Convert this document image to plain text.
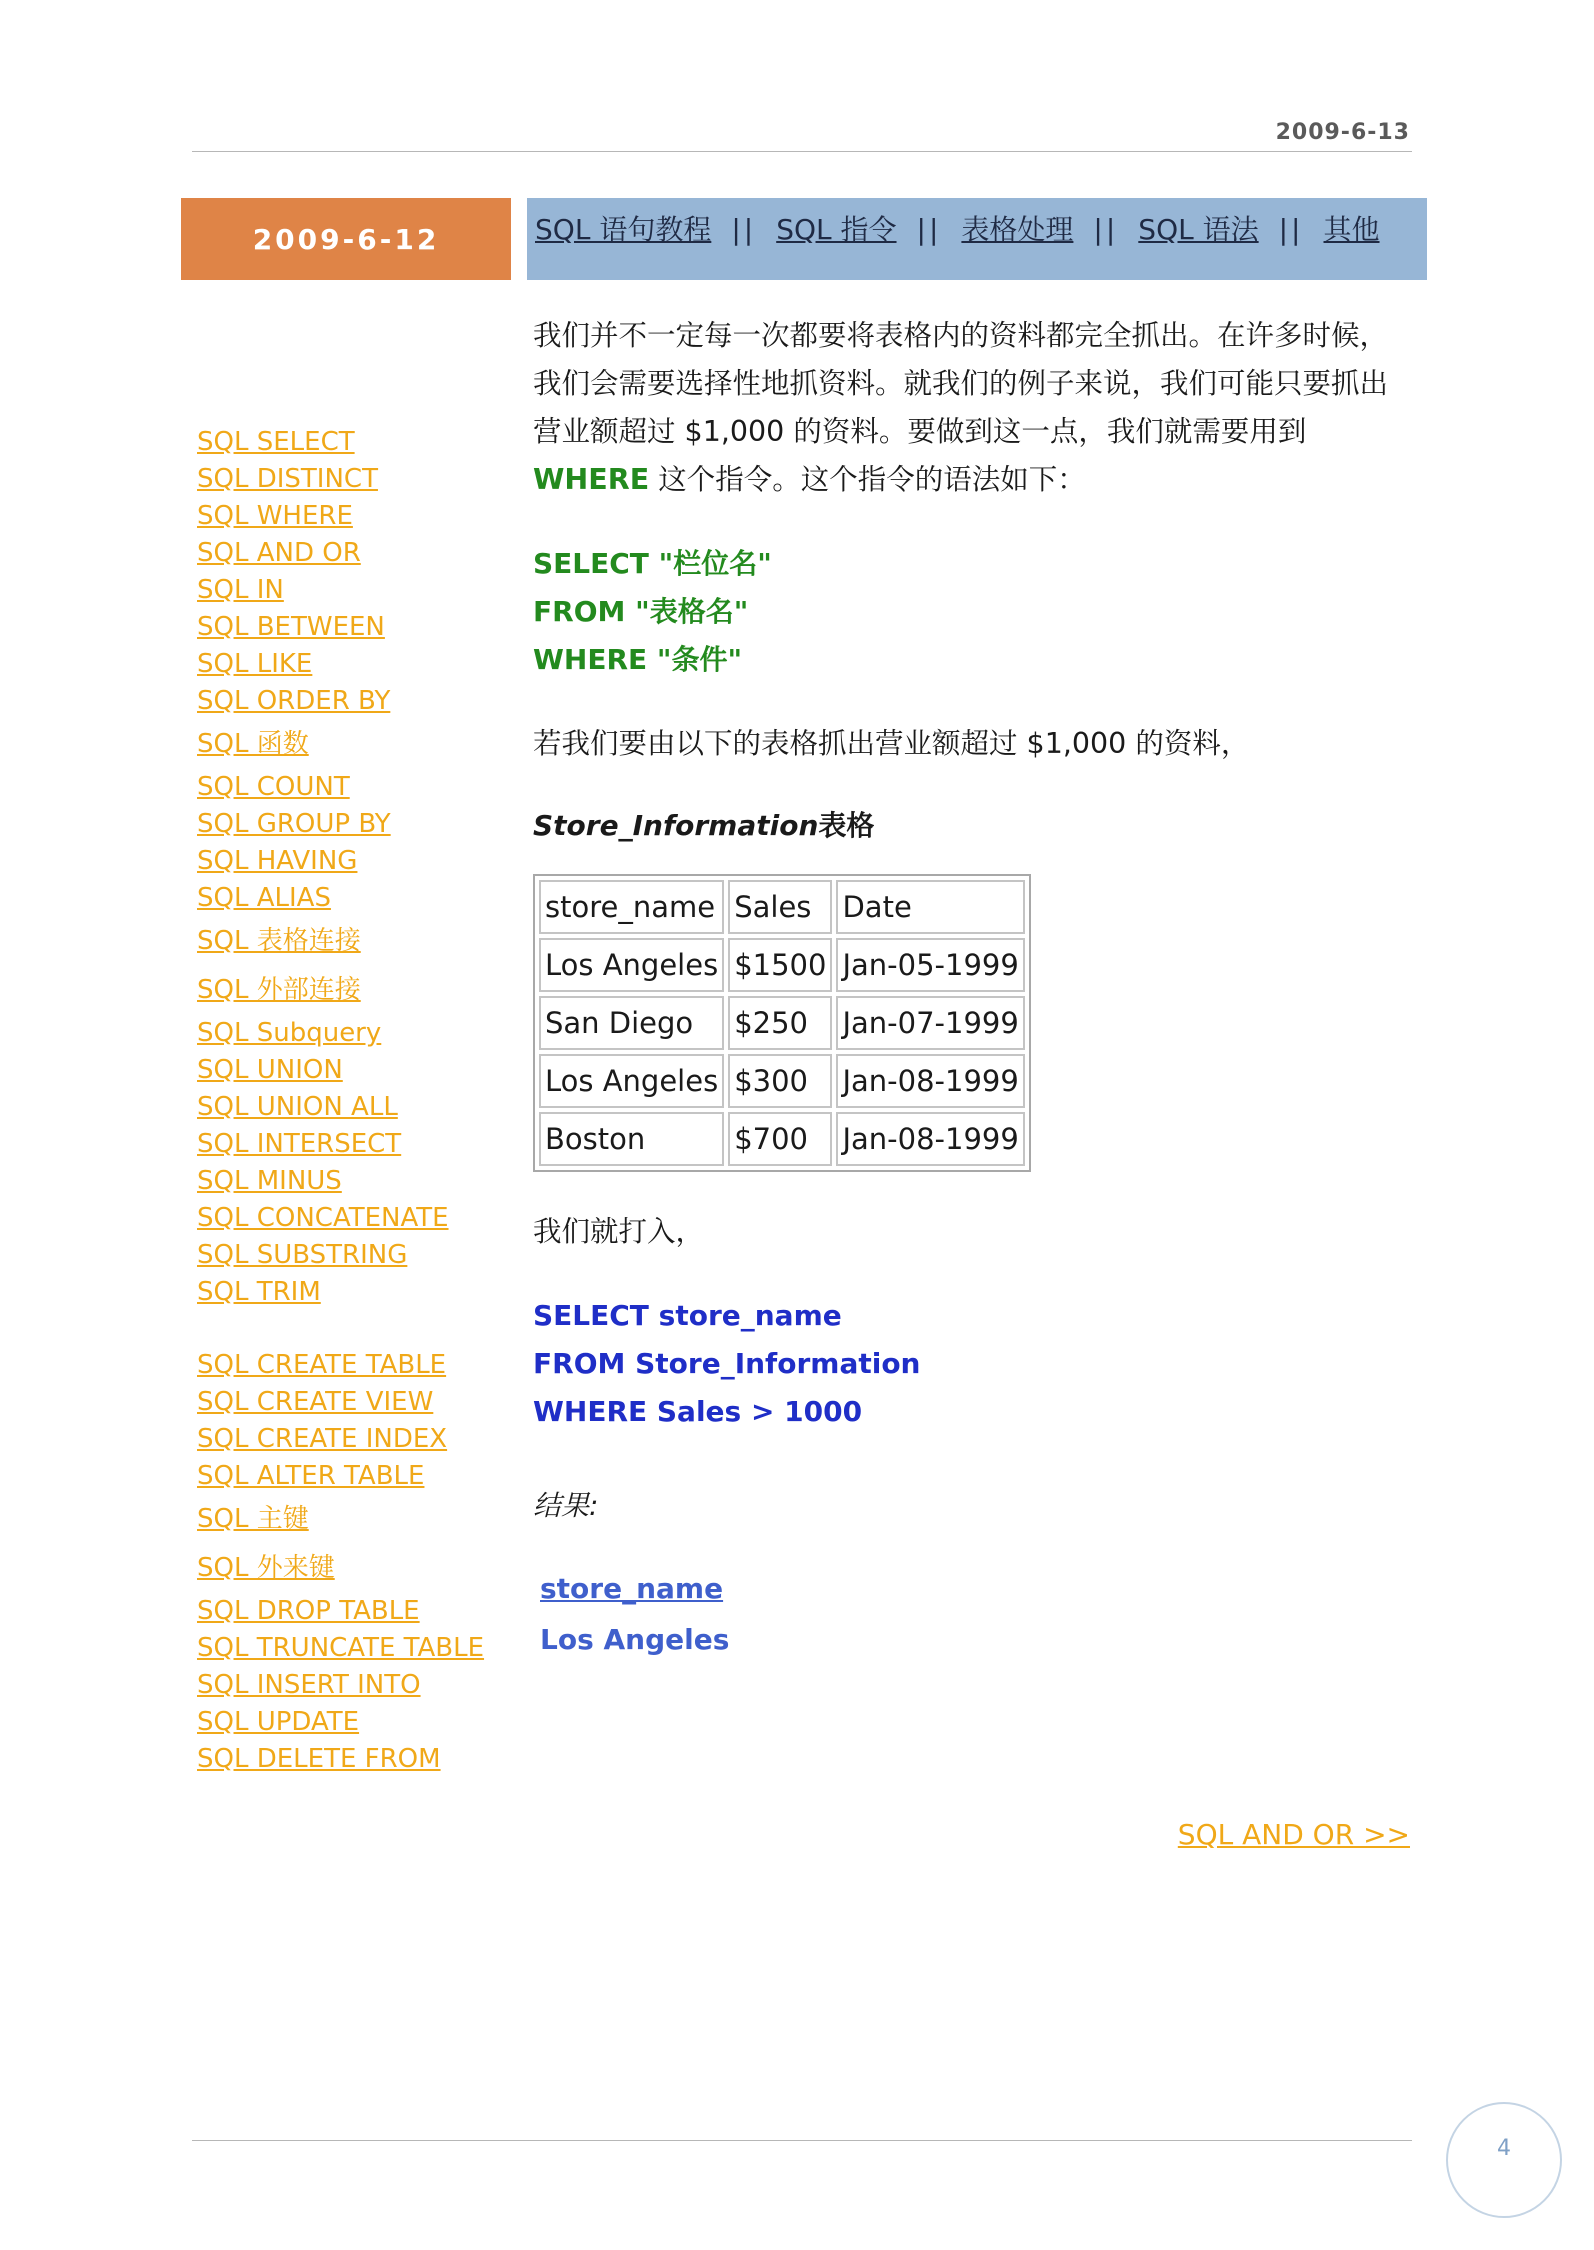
2009-6-13
2009-6-12	SQL 语句教程 || SQL 指令 || 表格处理 || SQL 语法 || 其他
SQL SELECT
SQL DISTINCT
SQL WHERE
SQL AND OR
SQL IN
SQL BETWEEN
SQL LIKE
SQL ORDER BY
SQL 函数
SQL COUNT
SQL GROUP BY
SQL HAVING
SQL ALIAS
SQL 表格连接
SQL 外部连接
SQL Subquery
SQL UNION
SQL UNION ALL
SQL INTERSECT
SQL MINUS
SQL CONCATENATE
SQL SUBSTRING
SQL TRIM
SQL CREATE TABLE
SQL CREATE VIEW
SQL CREATE INDEX
SQL ALTER TABLE
SQL 主键
SQL 外来键
SQL DROP TABLE
SQL TRUNCATE TABLE
SQL INSERT INTO
SQL UPDATE
SQL DELETE FROM

我们并不一定每一次都要将表格内的资料都完全抓出。在许多时候，我们会需要选择性地抓资料。就我们的例子来说，我们可能只要抓出营业额超过 $1,000 的资料。要做到这一点，我们就需要用到 WHERE 这个指令。这个指令的语法如下：

SELECT "栏位名"
FROM "表格名"
WHERE "条件"
若我们要由以下的表格抓出营业额超过 $1,000 的资料，
Store_Information表格
store_name	Sales	Date
Los Angeles	$1500	Jan-05-1999
San Diego	$250	Jan-07-1999
Los Angeles	$300	Jan-08-1999
Boston	$700	Jan-08-1999
我们就打入，
SELECT store_name
FROM Store_Information
WHERE Sales > 1000
结果:
store_name
Los Angeles
SQL AND OR >>
4
